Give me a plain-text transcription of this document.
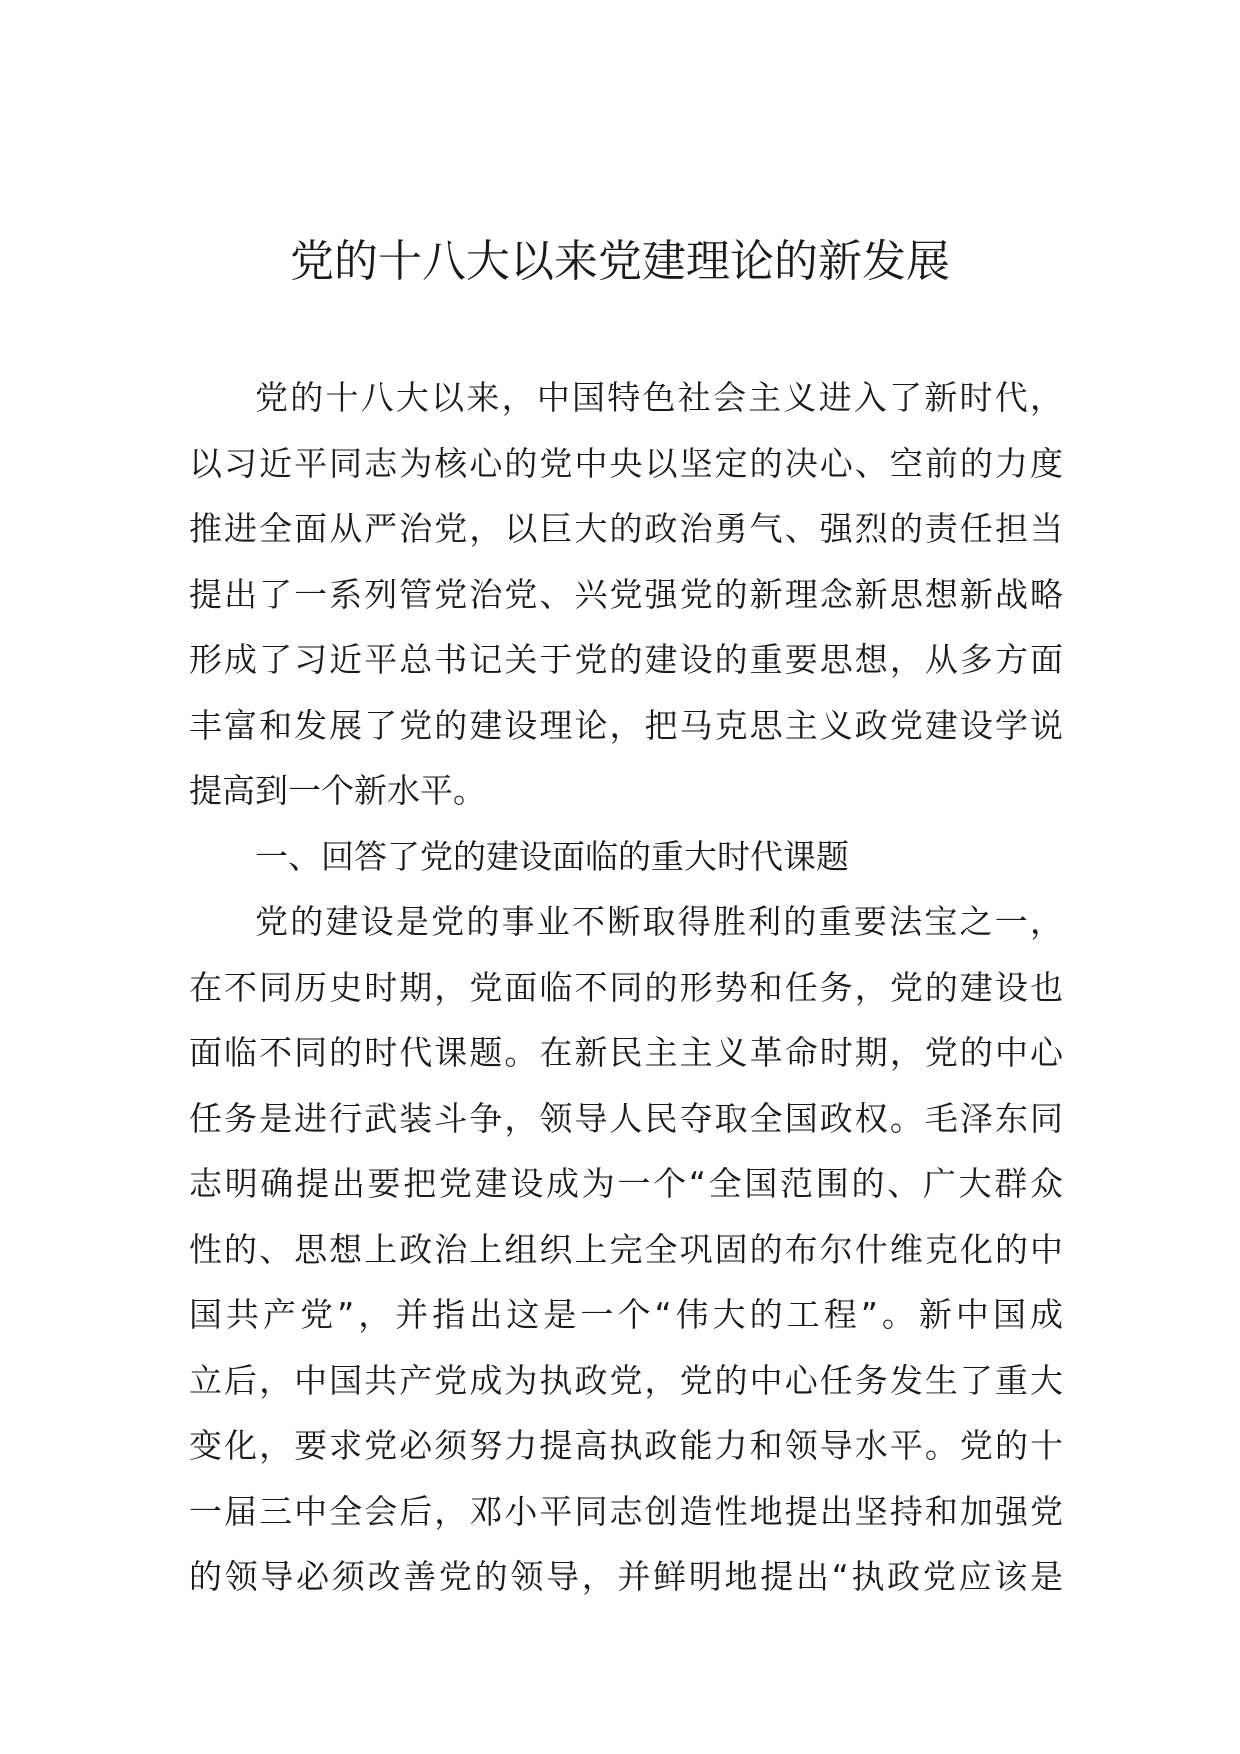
党的十八大以来党建理论的新发展
党的十八大以来，中国特色社会主义进入了新时代，
以习近平同志为核心的党中央以坚定的决心、空前的力度
推进全面从严治党，以巨大的政治勇气、强烈的责任担当
提出了一系列管党治党、兴党强党的新理念新思想新战略
形成了习近平总书记关于党的建设的重要思想，从多方面
丰富和发展了党的建设理论，把马克思主义政党建设学说
提高到一个新水平。
一、回答了党的建设面临的重大时代课题
党的建设是党的事业不断取得胜利的重要法宝之一，
在不同历史时期，党面临不同的形势和任务，党的建设也
面临不同的时代课题。在新民主主义革命时期，党的中心
任务是进行武装斗争，领导人民夺取全国政权。毛泽东同
志明确提出要把党建设成为一个“全国范围的、广大群众
性的、思想上政治上组织上完全巩固的布尔什维克化的中
国共产党”，并指出这是一个“伟大的工程”。新中国成
立后，中国共产党成为执政党，党的中心任务发生了重大
变化，要求党必须努力提高执政能力和领导水平。党的十
一届三中全会后，邓小平同志创造性地提出坚持和加强党
的领导必须改善党的领导，并鲜明地提出“执政党应该是
